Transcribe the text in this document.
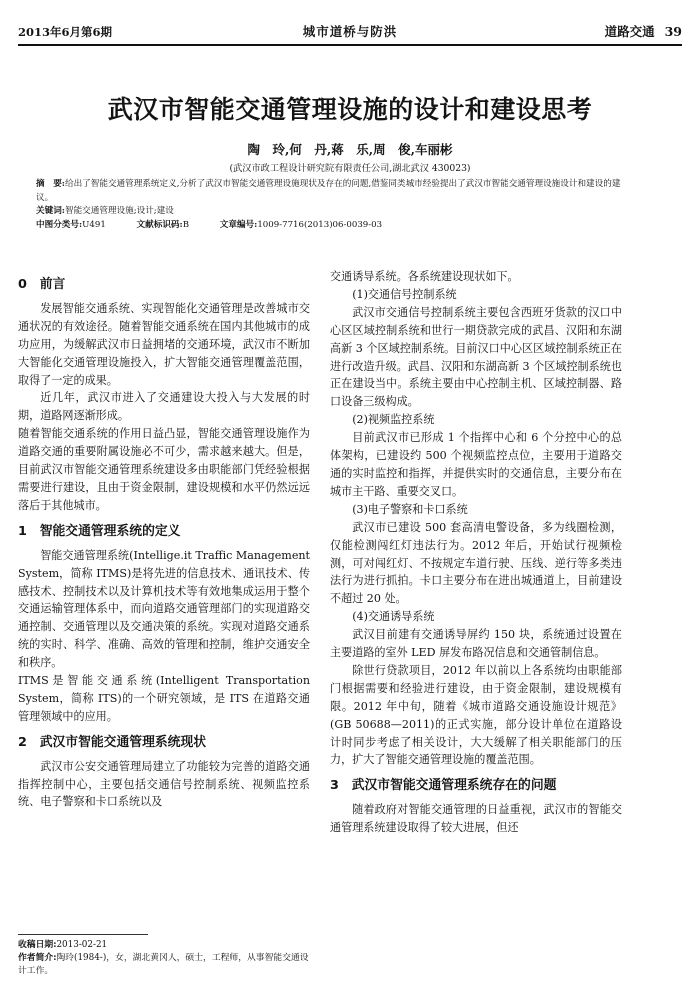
2013年6月第6期	城市道桥与防洪	道路交通 39
武汉市智能交通管理设施的设计和建设思考
陶　玲,何　丹,蒋　乐,周　俊,车丽彬
(武汉市政工程设计研究院有限责任公司,湖北武汉 430023)
摘　要:给出了智能交通管理系统定义,分析了武汉市智能交通管理设施现状及存在的问题,借鉴同类城市经验提出了武汉市智能交通管理设施设计和建设的建议。
关键词:智能交通管理设施;设计;建设
中图分类号:U491	文献标识码:B	文章编号:1009-7716(2013)06-0039-03
0　前言

发展智能交通系统、实现智能化交通管理是改善城市交通状况的有效途径。随着智能交通系统在国内其他城市的成功应用，为缓解武汉市日益拥堵的交通环境，武汉市不断加大智能化交通管理设施投入，扩大智能交通管理覆盖范围，取得了一定的成果。

近几年，武汉市进入了交通建设大投入与大发展的时期，道路网逐渐形成。

随着智能交通系统的作用日益凸显，智能交通管理设施作为道路交通的重要附属设施必不可少，需求越来越大。但是，目前武汉市智能交通管理系统建设多由职能部门凭经验根据需要进行建设，且由于资金限制，建设规模和水平仍然远远落后于其他城市。

1　智能交通管理系统的定义

智能交通管理系统(Intellige.it Traffic Management System，简称 ITMS)是将先进的信息技术、通讯技术、传感技术、控制技术以及计算机技术等有效地集成运用于整个交通运输管理体系中，而向道路交通管理部门的实现道路交通控制、交通管理以及交通决策的系统。实现对道路交通系统的实时、科学、准确、高效的管理和控制，维护交通安全和秩序。

ITMS是智能交通系统(Intelligent Transportation System，简称 ITS)的一个研究领域，是 ITS 在道路交通管理领域中的应用。

2　武汉市智能交通管理系统现状

武汉市公安交通管理局建立了功能较为完善的道路交通指挥控制中心，主要包括交通信号控制系统、视频监控系统、电子警察和卡口系统以及

交通诱导系统。各系统建设现状如下。

(1)交通信号控制系统

武汉市交通信号控制系统主要包含西班牙货款的汉口中心区区域控制系统和世行一期贷款完成的武昌、汉阳和东湖高新 3 个区域控制系统。目前汉口中心区区域控制系统正在进行改造升级。武昌、汉阳和东湖高新 3 个区域控制系统也正在建设当中。系统主要由中心控制主机、区域控制器、路口设备三级构成。

(2)视频监控系统

目前武汉市已形成 1 个指挥中心和 6 个分控中心的总体架构，已建设约 500 个视频监控点位，主要用于道路交通的实时监控和指挥，并提供实时的交通信息，主要分布在城市主干路、重要交叉口。

(3)电子警察和卡口系统

武汉市已建设 500 套高清电警设备，多为线圈检测，仅能检测闯红灯违法行为。2012 年后，开始试行视频检测，可对闯红灯、不按规定车道行驶、压线、逆行等多类违法行为进行抓拍。卡口主要分布在进出城通道上，目前建设不超过 20 处。

(4)交通诱导系统

武汉目前建有交通诱导屏约 150 块，系统通过设置在主要道路的室外 LED 屏发布路况信息和交通管制信息。

除世行贷款项目，2012 年以前以上各系统均由职能部门根据需要和经验进行建设，由于资金限制，建设规模有限。2012 年中旬，随着《城市道路交通设施设计规范》(GB 50688—2011)的正式实施，部分设计单位在道路设计时同步考虑了相关设计，大大缓解了相关职能部门的压力，扩大了智能交通管理设施的覆盖范围。

3　武汉市智能交通管理系统存在的问题

随着政府对智能交通管理的日益重视，武汉市的智能交通管理系统建设取得了较大进展，但还

收稿日期:2013-02-21
作者简介:陶玲(1984-)，女，湖北黄冈人，硕士，工程师，从事智能交通设计工作。
